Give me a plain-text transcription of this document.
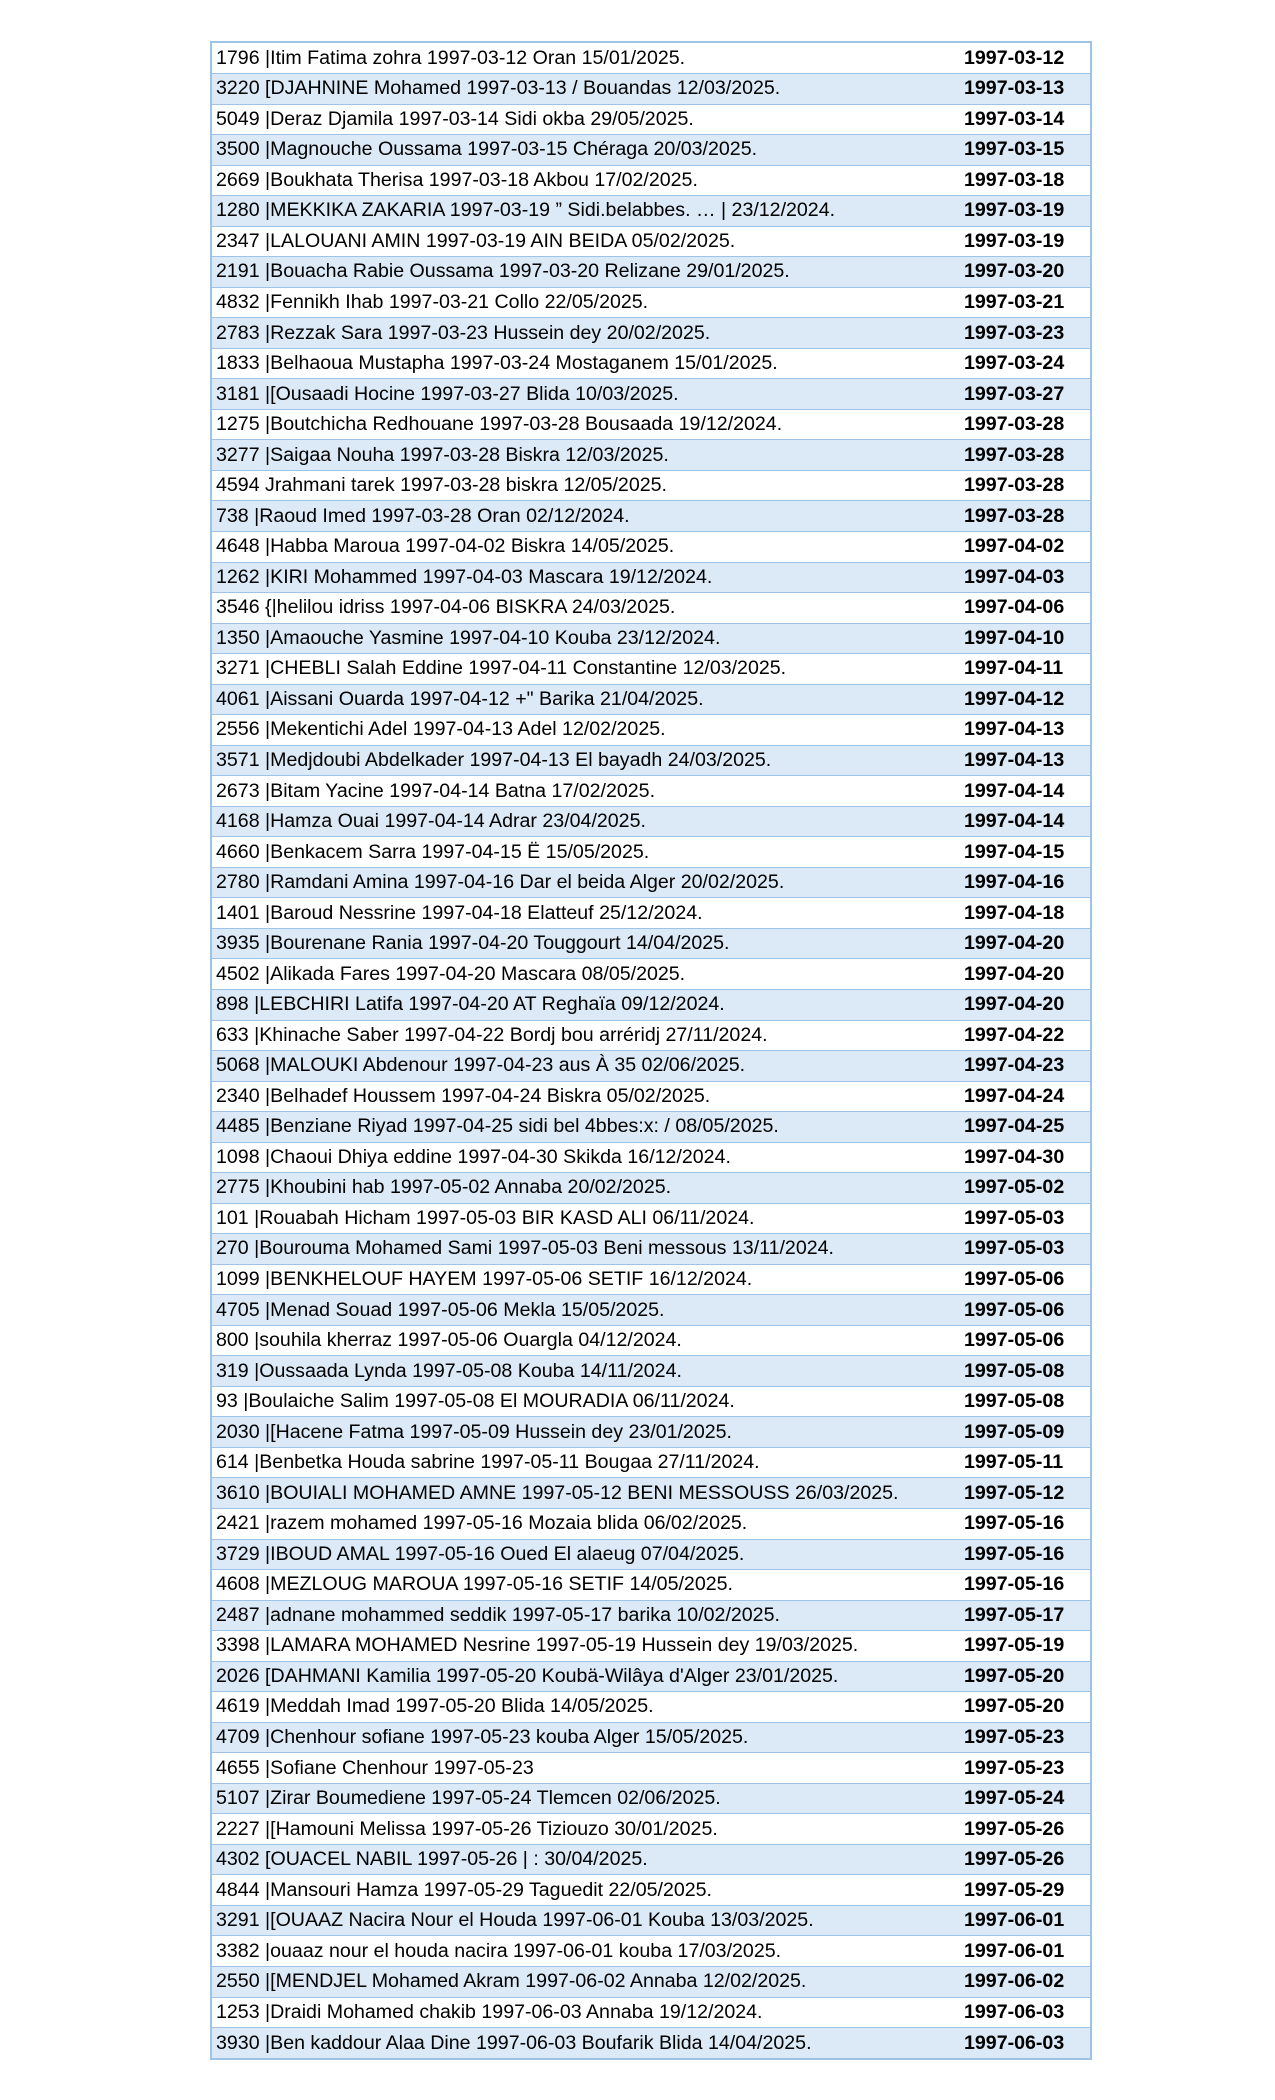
1796 |Itim Fatima zohra 1997-03-12 Oran 15/01/2025.	1997-03-12
3220 [DJAHNINE Mohamed 1997-03-13 / Bouandas 12/03/2025.	1997-03-13
5049 |Deraz Djamila 1997-03-14 Sidi okba 29/05/2025.	1997-03-14
3500 |Magnouche Oussama 1997-03-15 Chéraga 20/03/2025.	1997-03-15
2669 |Boukhata Therisa 1997-03-18 Akbou 17/02/2025.	1997-03-18
1280 |MEKKIKA ZAKARIA 1997-03-19 ” Sidi.belabbes. … | 23/12/2024.	1997-03-19
2347 |LALOUANI AMIN 1997-03-19 AIN BEIDA 05/02/2025.	1997-03-19
2191 |Bouacha Rabie Oussama 1997-03-20 Relizane 29/01/2025.	1997-03-20
4832 |Fennikh Ihab 1997-03-21 Collo 22/05/2025.	1997-03-21
2783 |Rezzak Sara 1997-03-23 Hussein dey 20/02/2025.	1997-03-23
1833 |Belhaoua Mustapha 1997-03-24 Mostaganem 15/01/2025.	1997-03-24
3181 |[Ousaadi Hocine 1997-03-27 Blida 10/03/2025.	1997-03-27
1275 |Boutchicha Redhouane 1997-03-28 Bousaada 19/12/2024.	1997-03-28
3277 |Saigaa Nouha 1997-03-28 Biskra 12/03/2025.	1997-03-28
4594 Jrahmani tarek 1997-03-28 biskra 12/05/2025.	1997-03-28
738 |Raoud Imed 1997-03-28 Oran 02/12/2024.	1997-03-28
4648 |Habba Maroua 1997-04-02 Biskra 14/05/2025.	1997-04-02
1262 |KIRI Mohammed 1997-04-03 Mascara 19/12/2024.	1997-04-03
3546 {|helilou idriss 1997-04-06 BISKRA 24/03/2025.	1997-04-06
1350 |Amaouche Yasmine 1997-04-10 Kouba 23/12/2024.	1997-04-10
3271 |CHEBLI Salah Eddine 1997-04-11 Constantine 12/03/2025.	1997-04-11
4061 |Aissani Ouarda 1997-04-12 +" Barika 21/04/2025.	1997-04-12
2556 |Mekentichi Adel 1997-04-13 Adel 12/02/2025.	1997-04-13
3571 |Medjdoubi Abdelkader 1997-04-13 El bayadh 24/03/2025.	1997-04-13
2673 |Bitam Yacine 1997-04-14 Batna 17/02/2025.	1997-04-14
4168 |Hamza Ouai 1997-04-14 Adrar 23/04/2025.	1997-04-14
4660 |Benkacem Sarra 1997-04-15 Ë 15/05/2025.	1997-04-15
2780 |Ramdani Amina 1997-04-16 Dar el beida Alger 20/02/2025.	1997-04-16
1401 |Baroud Nessrine 1997-04-18 Elatteuf 25/12/2024.	1997-04-18
3935 |Bourenane Rania 1997-04-20 Touggourt 14/04/2025.	1997-04-20
4502 |Alikada Fares 1997-04-20 Mascara 08/05/2025.	1997-04-20
898 |LEBCHIRI Latifa 1997-04-20 AT Reghaïa 09/12/2024.	1997-04-20
633 |Khinache Saber 1997-04-22 Bordj bou arréridj 27/11/2024.	1997-04-22
5068 |MALOUKI Abdenour 1997-04-23 aus À 35 02/06/2025.	1997-04-23
2340 |Belhadef Houssem 1997-04-24 Biskra 05/02/2025.	1997-04-24
4485 |Benziane Riyad 1997-04-25 sidi bel 4bbes:x: / 08/05/2025.	1997-04-25
1098 |Chaoui Dhiya eddine 1997-04-30 Skikda 16/12/2024.	1997-04-30
2775 |Khoubini hab 1997-05-02 Annaba 20/02/2025.	1997-05-02
101 |Rouabah Hicham 1997-05-03 BIR KASD ALI 06/11/2024.	1997-05-03
270 |Bourouma Mohamed Sami 1997-05-03 Beni messous 13/11/2024.	1997-05-03
1099 |BENKHELOUF HAYEM 1997-05-06 SETIF 16/12/2024.	1997-05-06
4705 |Menad Souad 1997-05-06 Mekla 15/05/2025.	1997-05-06
800 |souhila kherraz 1997-05-06 Ouargla 04/12/2024.	1997-05-06
319 |Oussaada Lynda 1997-05-08 Kouba 14/11/2024.	1997-05-08
93 |Boulaiche Salim 1997-05-08 El MOURADIA 06/11/2024.	1997-05-08
2030 |[Hacene Fatma 1997-05-09 Hussein dey 23/01/2025.	1997-05-09
614 |Benbetka Houda sabrine 1997-05-11 Bougaa 27/11/2024.	1997-05-11
3610 |BOUIALI MOHAMED AMNE 1997-05-12 BENI MESSOUSS 26/03/2025.	1997-05-12
2421 |razem mohamed 1997-05-16 Mozaia blida 06/02/2025.	1997-05-16
3729 |IBOUD AMAL 1997-05-16 Oued El alaeug 07/04/2025.	1997-05-16
4608 |MEZLOUG MAROUA 1997-05-16 SETIF 14/05/2025.	1997-05-16
2487 |adnane mohammed seddik 1997-05-17 barika 10/02/2025.	1997-05-17
3398 |LAMARA MOHAMED Nesrine 1997-05-19 Hussein dey 19/03/2025.	1997-05-19
2026 [DAHMANI Kamilia 1997-05-20 Koubä-Wilâya d'Alger 23/01/2025.	1997-05-20
4619 |Meddah Imad 1997-05-20 Blida 14/05/2025.	1997-05-20
4709 |Chenhour sofiane 1997-05-23 kouba Alger 15/05/2025.	1997-05-23
4655 |Sofiane Chenhour 1997-05-23	1997-05-23
5107 |Zirar Boumediene 1997-05-24 Tlemcen 02/06/2025.	1997-05-24
2227 |[Hamouni Melissa 1997-05-26 Tiziouzo 30/01/2025.	1997-05-26
4302 [OUACEL NABIL 1997-05-26 | : 30/04/2025.	1997-05-26
4844 |Mansouri Hamza 1997-05-29 Taguedit 22/05/2025.	1997-05-29
3291 |[OUAAZ Nacira Nour el Houda 1997-06-01 Kouba 13/03/2025.	1997-06-01
3382 |ouaaz nour el houda nacira 1997-06-01 kouba 17/03/2025.	1997-06-01
2550 |[MENDJEL Mohamed Akram 1997-06-02 Annaba 12/02/2025.	1997-06-02
1253 |Draidi Mohamed chakib 1997-06-03 Annaba 19/12/2024.	1997-06-03
3930 |Ben kaddour Alaa Dine 1997-06-03 Boufarik Blida 14/04/2025.	1997-06-03
